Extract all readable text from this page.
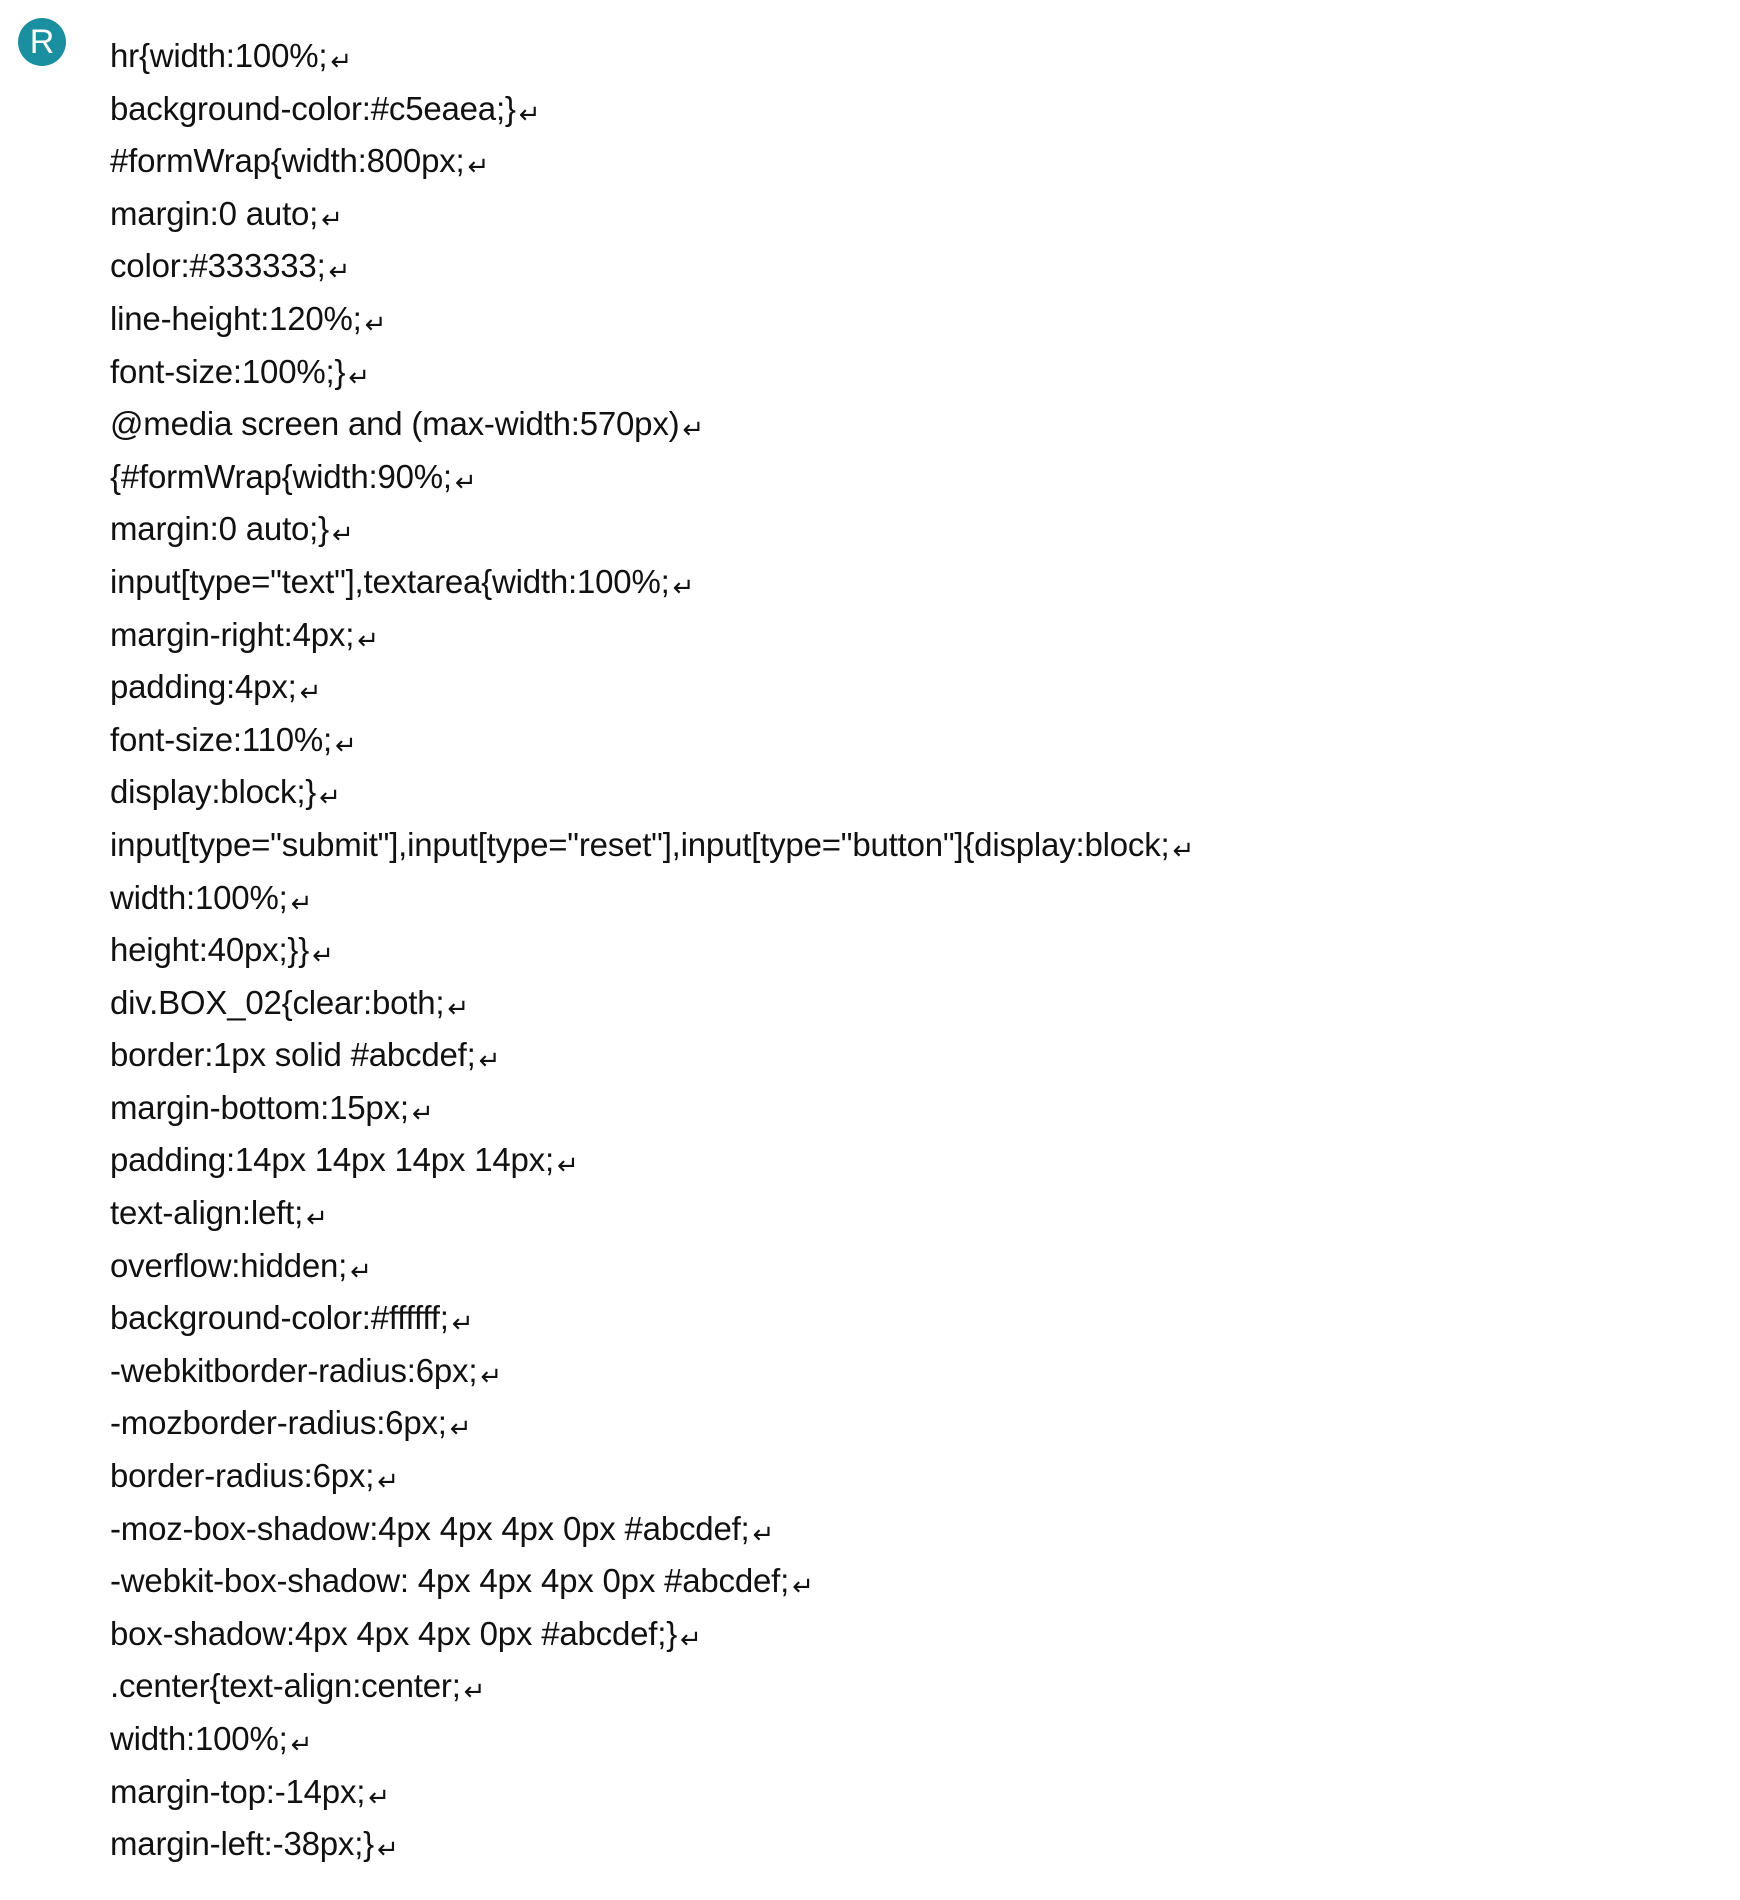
R	hr{width:100%; ↵
background-color:#c5eaea;} ↵
#formWrap{width:800px; ↵
margin:0 auto; ↵
color:#333333; ↵
line-height:120%; ↵
font-size:100%;} ↵
@media screen and (max-width:570px) ↵
{#formWrap{width:90%; ↵
margin:0 auto;} ↵
input[type="text"],textarea{width:100%; ↵
margin-right:4px; ↵
padding:4px; ↵
font-size:110%; ↵
display:block;} ↵
input[type="submit"],input[type="reset"],input[type="button"]{display:block; ↵
width:100%; ↵
height:40px;}} ↵
div.BOX_02{clear:both; ↵
border:1px solid #abcdef; ↵
margin-bottom:15px; ↵
padding:14px 14px 14px 14px; ↵
text-align:left; ↵
overflow:hidden; ↵
background-color:#ffffff; ↵
-webkitborder-radius:6px; ↵
-mozborder-radius:6px; ↵
border-radius:6px; ↵
-moz-box-shadow:4px 4px 4px 0px #abcdef; ↵
-webkit-box-shadow: 4px 4px 4px 0px #abcdef; ↵
box-shadow:4px 4px 4px 0px #abcdef;} ↵
.center{text-align:center; ↵
width:100%; ↵
margin-top:-14px; ↵
margin-left:-38px;} ↵
